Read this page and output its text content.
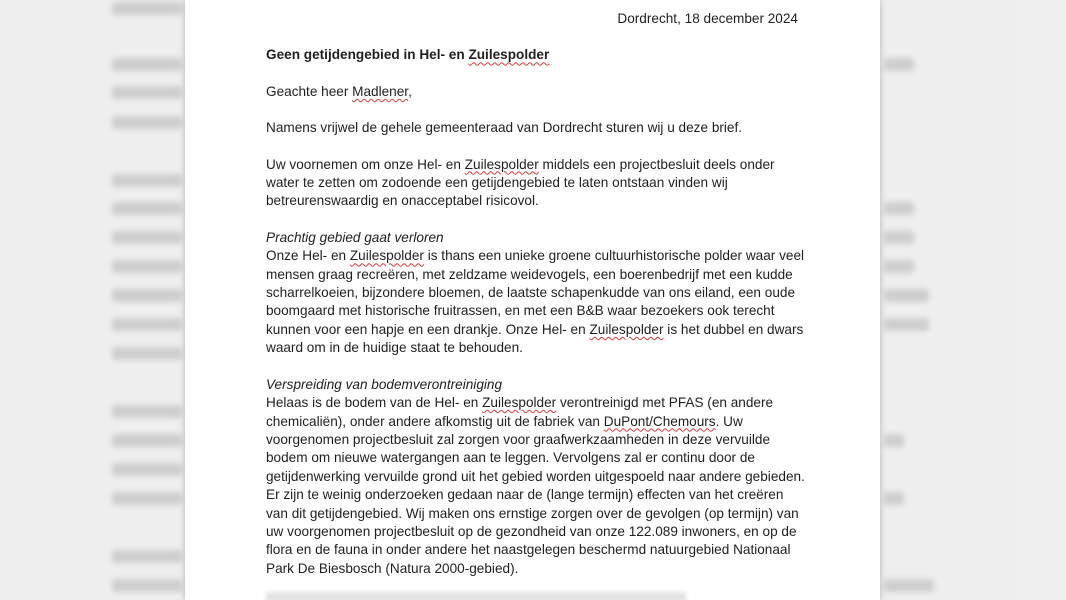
Dordrecht, 18 december 2024
Geen getijdengebied in Hel- en Zuilespolder
Geachte heer Madlener,
Namens vrijwel de gehele gemeenteraad van Dordrecht sturen wij u deze brief.
Uw voornemen om onze Hel- en Zuilespolder middels een projectbesluit deels onder water te zetten om zodoende een getijdengebied te laten ontstaan vinden wij betreurenswaardig en onacceptabel risicovol.
Prachtig gebied gaat verloren
Onze Hel- en Zuilespolder is thans een unieke groene cultuurhistorische polder waar veel mensen graag recreëren, met zeldzame weidevogels, een boerenbedrijf met een kudde scharrelkoeien, bijzondere bloemen, de laatste schapenkudde van ons eiland, een oude boomgaard met historische fruitrassen, en met een B&B waar bezoekers ook terecht kunnen voor een hapje en een drankje. Onze Hel- en Zuilespolder is het dubbel en dwars waard om in de huidige staat te behouden.
Verspreiding van bodemverontreiniging
Helaas is de bodem van de Hel- en Zuilespolder verontreinigd met PFAS (en andere chemicaliën), onder andere afkomstig uit de fabriek van DuPont/Chemours. Uw voorgenomen projectbesluit zal zorgen voor graafwerkzaamheden in deze vervuilde bodem om nieuwe watergangen aan te leggen. Vervolgens zal er continu door de getijdenwerking vervuilde grond uit het gebied worden uitgespoeld naar andere gebieden. Er zijn te weinig onderzoeken gedaan naar de (lange termijn) effecten van het creëren van dit getijdengebied. Wij maken ons ernstige zorgen over de gevolgen (op termijn) van uw voorgenomen projectbesluit op de gezondheid van onze 122.089 inwoners, en op de flora en de fauna in onder andere het naastgelegen beschermd natuurgebied Nationaal Park De Biesbosch (Natura 2000-gebied).
